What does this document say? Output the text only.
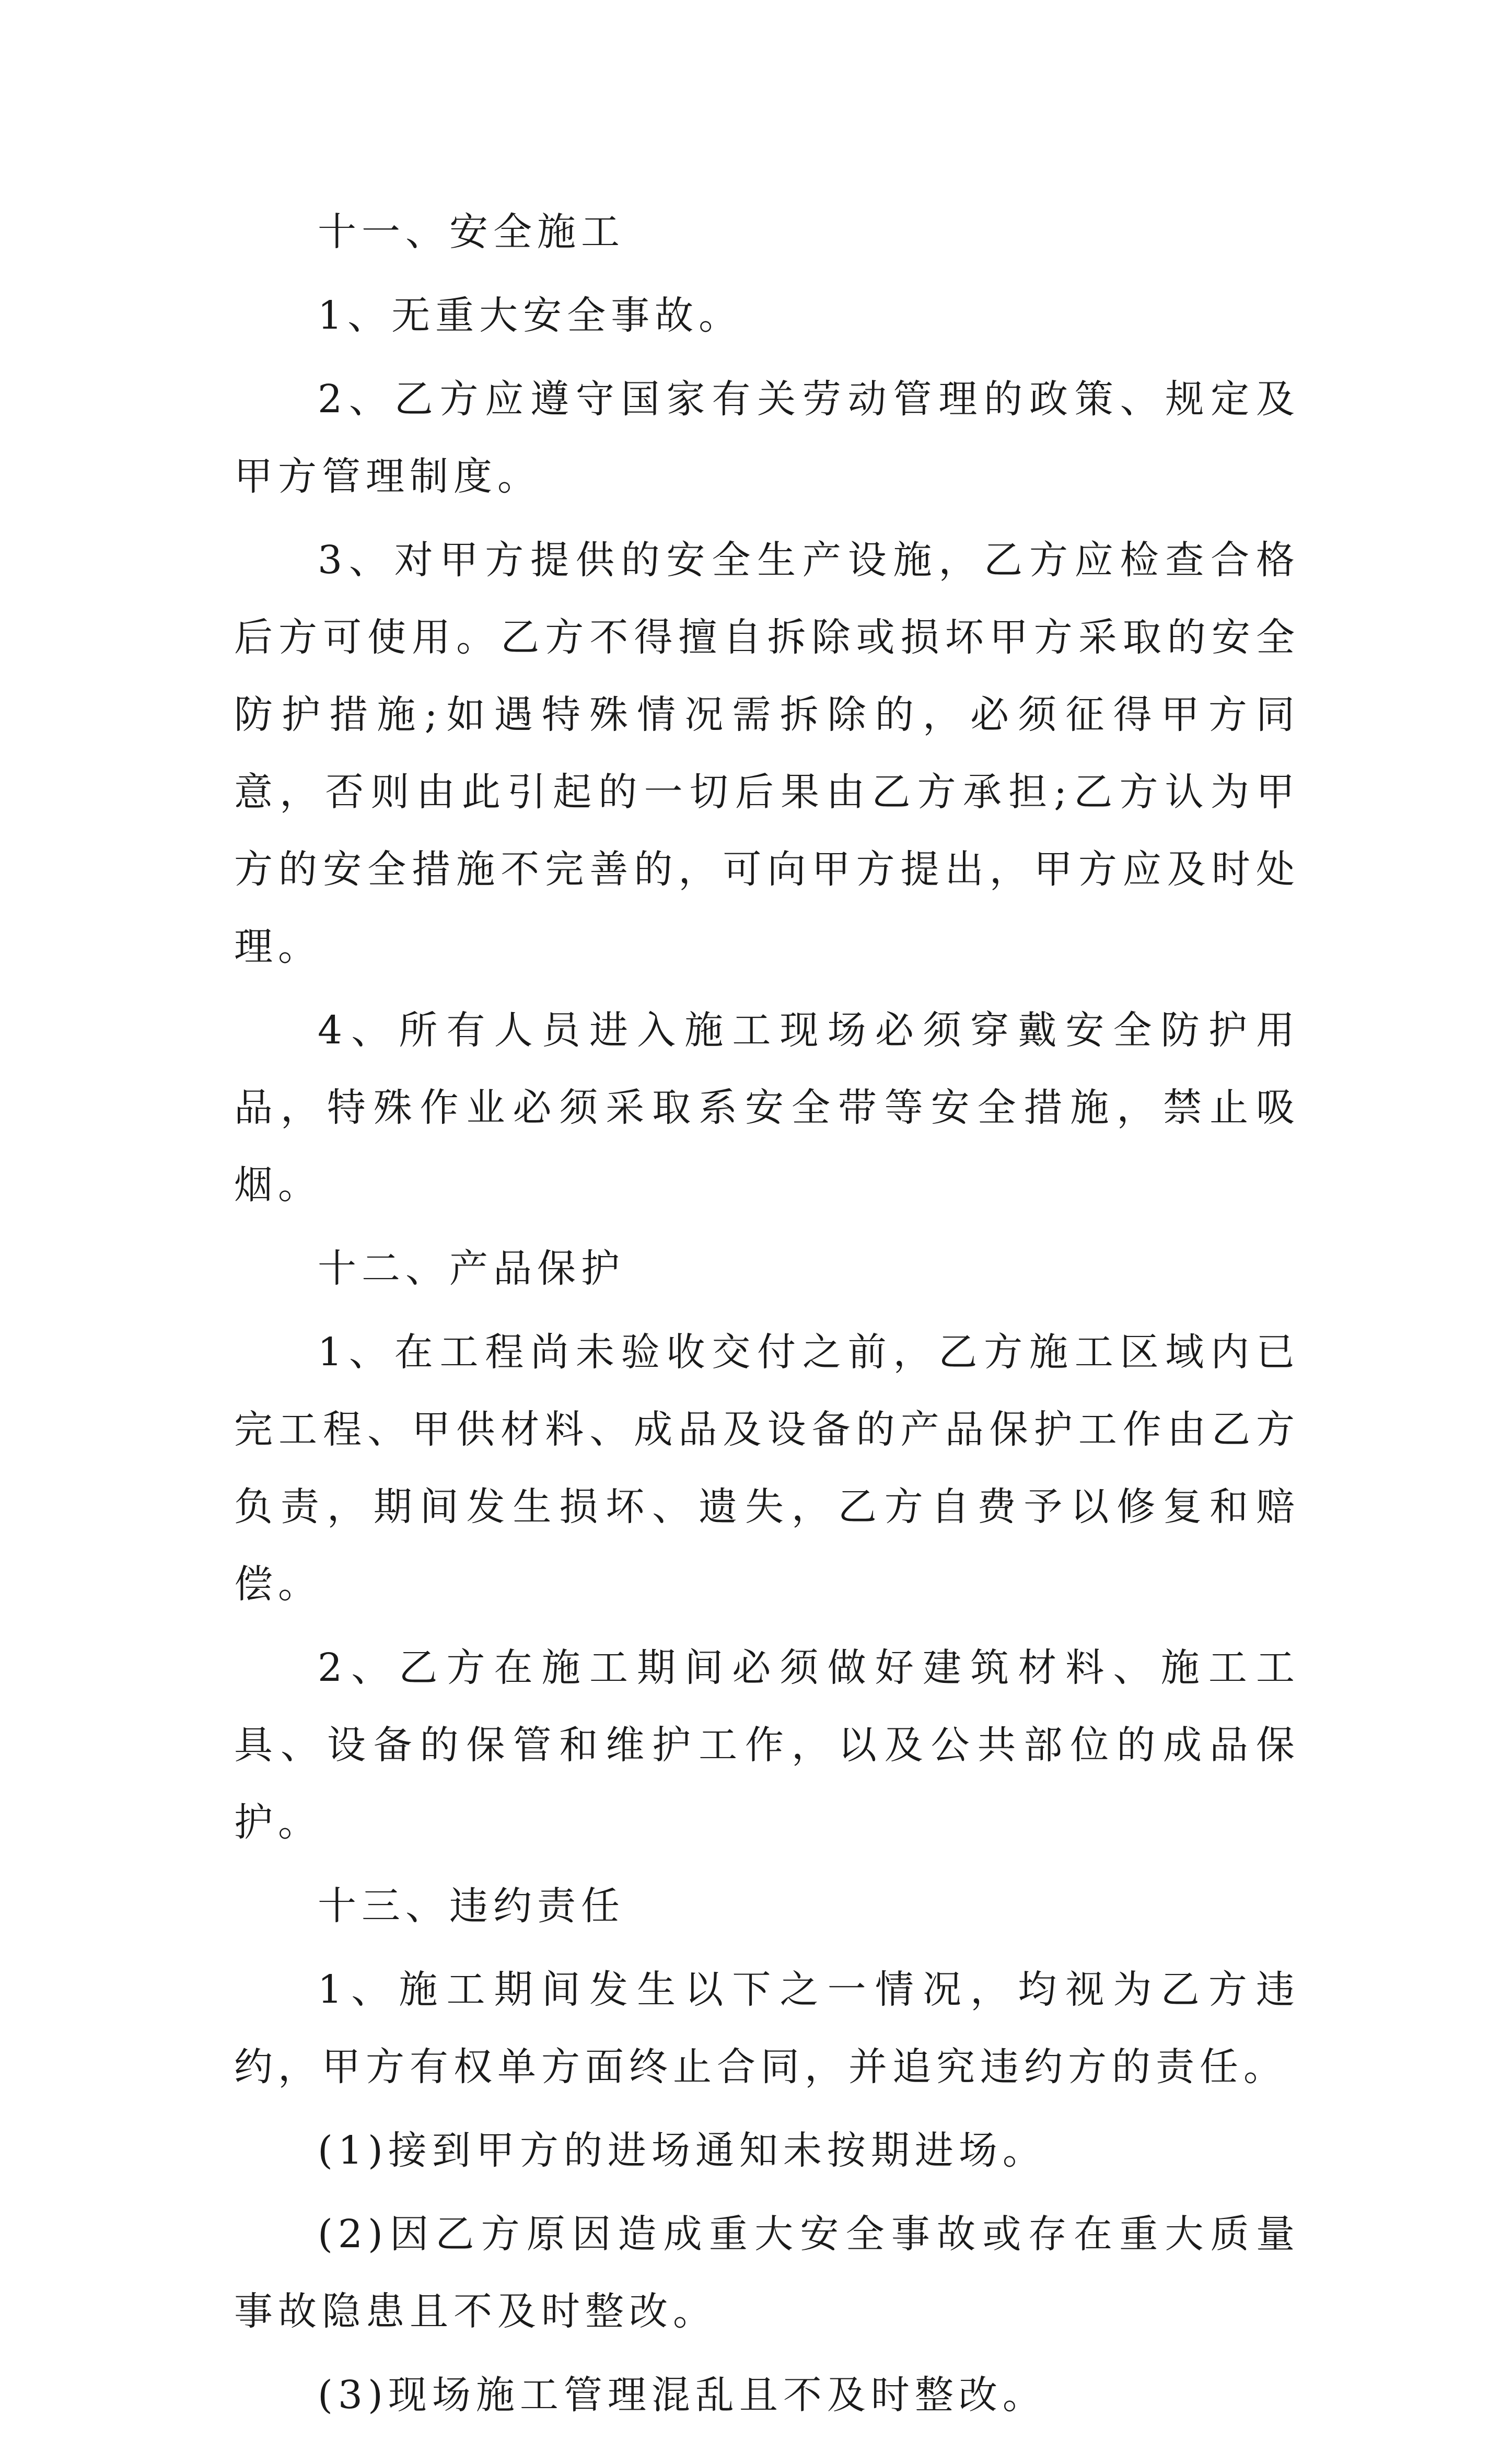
十一、安全施工

1、无重大安全事故。

2、乙方应遵守国家有关劳动管理的政策、规定及甲方管理制度。

3、对甲方提供的安全生产设施，乙方应检查合格后方可使用。乙方不得擅自拆除或损坏甲方采取的安全防护措施;如遇特殊情况需拆除的，必须征得甲方同意，否则由此引起的一切后果由乙方承担;乙方认为甲方的安全措施不完善的，可向甲方提出，甲方应及时处理。

4、所有人员进入施工现场必须穿戴安全防护用品，特殊作业必须采取系安全带等安全措施，禁止吸烟。

十二、产品保护

1、在工程尚未验收交付之前，乙方施工区域内已完工程、甲供材料、成品及设备的产品保护工作由乙方负责，期间发生损坏、遗失，乙方自费予以修复和赔偿。

2、乙方在施工期间必须做好建筑材料、施工工具、设备的保管和维护工作，以及公共部位的成品保护。

十三、违约责任

1、施工期间发生以下之一情况，均视为乙方违约，甲方有权单方面终止合同，并追究违约方的责任。

(1)接到甲方的进场通知未按期进场。

(2)因乙方原因造成重大安全事故或存在重大质量事故隐患且不及时整改。

(3)现场施工管理混乱且不及时整改。
